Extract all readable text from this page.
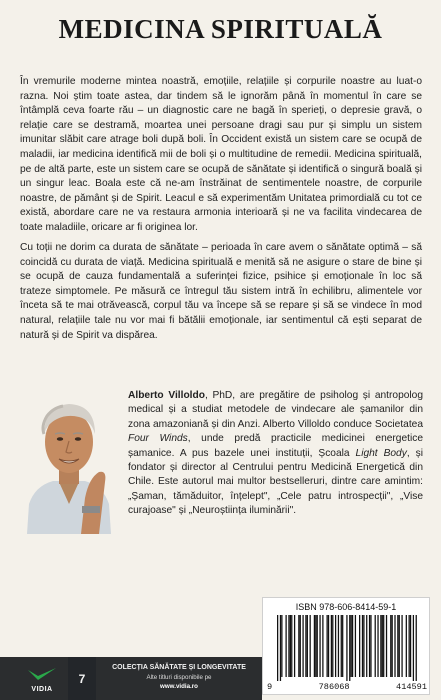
MEDICINA SPIRITUALĂ

În vremurile moderne mintea noastră, emoțiile, relațiile și corpurile noastre au luat-o razna. Noi știm toate astea, dar tindem să le ignorăm până în momentul în care se întâmplă ceva foarte rău – un diagnostic care ne bagă în sperieți, o depresie gravă, o relație care se destramă, moartea unei persoane dragi sau pur și simplu un sistem imunitar slăbit care atrage boli după boli. În Occident există un sistem care se ocupă de maladii, iar medicina identifică mii de boli și o multitudine de remedii. Medicina spirituală, pe de altă parte, este un sistem care se ocupă de sănătate și identifică o singură boală și un singur leac. Boala este că ne-am înstrăinat de sentimentele noastre, de corpurile noastre, de pământ și de Spirit. Leacul e să experimentăm Unitatea primordială cu tot ce există, abordare care ne va restaura armonia interioară și ne va facilita vindecarea de toate maladiile, oricare ar fi originea lor.

Cu toții ne dorim ca durata de sănătate – perioada în care avem o sănătate optimă – să coincidă cu durata de viață. Medicina spirituală e menită să ne asigure o stare de bine și se ocupă de cauza fundamentală a suferinței fizice, psihice și emoționale în loc să trateze simptomele. Pe măsură ce întregul tău sistem intră în echilibru, alimentele vor înceta să te mai otrăvească, corpul tău va începe să se repare și să se vindece în mod natural, relațiile tale nu vor mai fi bătălii emoționale, iar sentimentul că ești separat de natură și de Spirit va dispărea.

Alberto Villoldo, PhD, are pregătire de psiholog și antropolog medical și a studiat metodele de vindecare ale șamanilor din zona amazoniană și din Anzi. Alberto Villoldo conduce Societatea Four Winds, unde predă practicile medicinei energetice șamanice. A pus bazele unei instituții, Școala Light Body, și fondator și director al Centrului pentru Medicină Energetică din Chile. Este autorul mai multor bestselleruri, dintre care amintim: „Șaman, tămăduitor, înțelept", „Cele patru introspecții", „Vise curajoase" și „Neuroștiința iluminării".

VIDIA
7
COLECȚIA SĂNĂTATE ȘI LONGEVITATE
Alte titluri disponibile pe
www.vidia.ro
ISBN 978-606-8414-59-1
9	786068	414591
